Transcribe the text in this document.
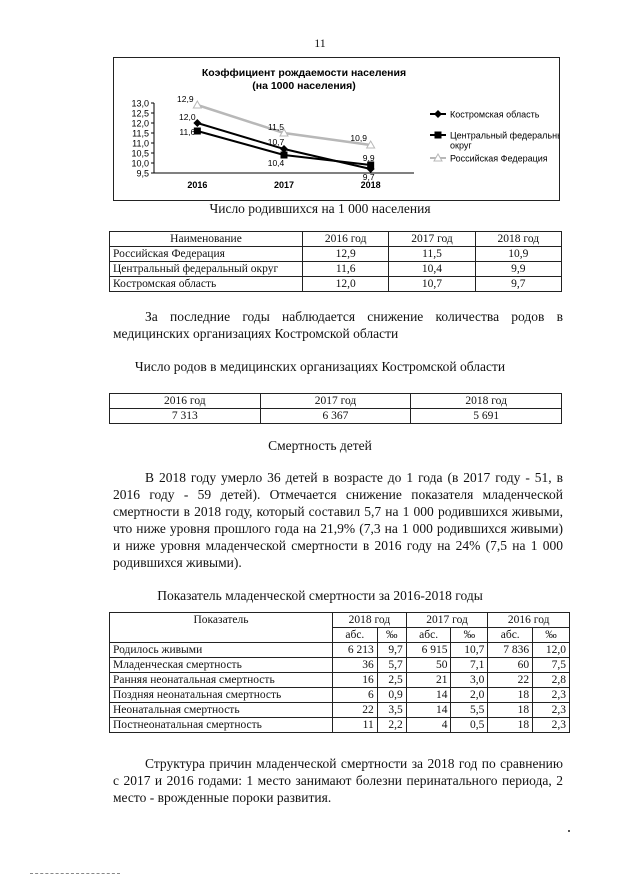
11
Коэффициент рождаемости населения
(на 1000 населения)
13,0
12,5
12,0
11,5
11,0
10,5
10,0
9,5
2016	2017	2018
12,9
11,5
10,9
12,0
10,7
9,7
11,6
10,4	9,9
Костромская область
Центральный федеральный
округ
Российская Федерация
Число родившихся на 1 000 населения
Наименование	2016 год	2017 год	2018 год
Российская Федерация	12,9	11,5	10,9
Центральный федеральный округ	11,6	10,4	9,9
Костромская область	12,0	10,7	9,7

За последние годы наблюдается снижение количества родов в медицинских организациях Костромской области

Число родов в медицинских организациях Костромской области
2016 год	2017 год	2018 год
7 313	6 367	5 691
Смертность детей

В 2018 году умерло 36 детей в возрасте до 1 года (в 2017 году - 51, в 2016 году - 59 детей). Отмечается снижение показателя младенческой смертности в 2018 году, который составил 5,7 на 1 000 родившихся живыми, что ниже уровня прошлого года на 21,9% (7,3 на 1 000 родившихся живыми) и ниже уровня младенческой смертности в 2016 году на 24% (7,5 на 1 000 родившихся живыми).

Показатель младенческой смертности за 2016-2018 годы
Показатель	2018 год		2017 год		2016 год	
	абс.	‰	абс.	‰	абс.	‰
Родилось живыми	6 213	9,7	6 915	10,7	7 836	12,0
Младенческая смертность	36	5,7	50	7,1	60	7,5
Ранняя неонатальная смертность	16	2,5	21	3,0	22	2,8
Поздняя неонатальная смертность	6	0,9	14	2,0	18	2,3
Неонатальная смертность	22	3,5	14	5,5	18	2,3
Постнеонатальная смертность	11	2,2	4	0,5	18	2,3

Структура причин младенческой смертности за 2018 год по сравнению с 2017 и 2016 годами: 1 место занимают болезни перинатального периода, 2 место - врожденные пороки развития.
